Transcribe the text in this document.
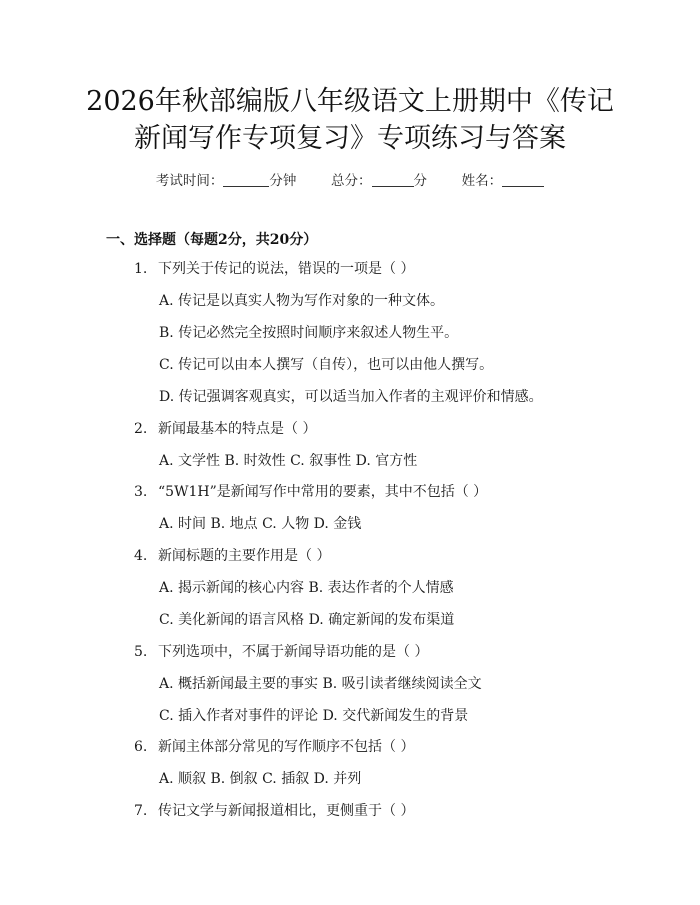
2026年秋部编版八年级语文上册期中《传记
新闻写作专项复习》专项练习与答案
考试时间：	分钟	总分：	分	姓名：
一、选择题（每题2分，共20分）
1. 下列关于传记的说法，错误的一项是（ ）
A. 传记是以真实人物为写作对象的一种文体。
B. 传记必然完全按照时间顺序来叙述人物生平。
C. 传记可以由本人撰写（自传），也可以由他人撰写。
D. 传记强调客观真实，可以适当加入作者的主观评价和情感。
2. 新闻最基本的特点是（ ）
A. 文学性 B. 时效性 C. 叙事性 D. 官方性
3. “5W1H”是新闻写作中常用的要素，其中不包括（ ）
A. 时间 B. 地点 C. 人物 D. 金钱
4. 新闻标题的主要作用是（ ）
A. 揭示新闻的核心内容 B. 表达作者的个人情感
C. 美化新闻的语言风格 D. 确定新闻的发布渠道
5. 下列选项中，不属于新闻导语功能的是（ ）
A. 概括新闻最主要的事实 B. 吸引读者继续阅读全文
C. 插入作者对事件的评论 D. 交代新闻发生的背景
6. 新闻主体部分常见的写作顺序不包括（ ）
A. 顺叙 B. 倒叙 C. 插叙 D. 并列
7. 传记文学与新闻报道相比，更侧重于（ ）
